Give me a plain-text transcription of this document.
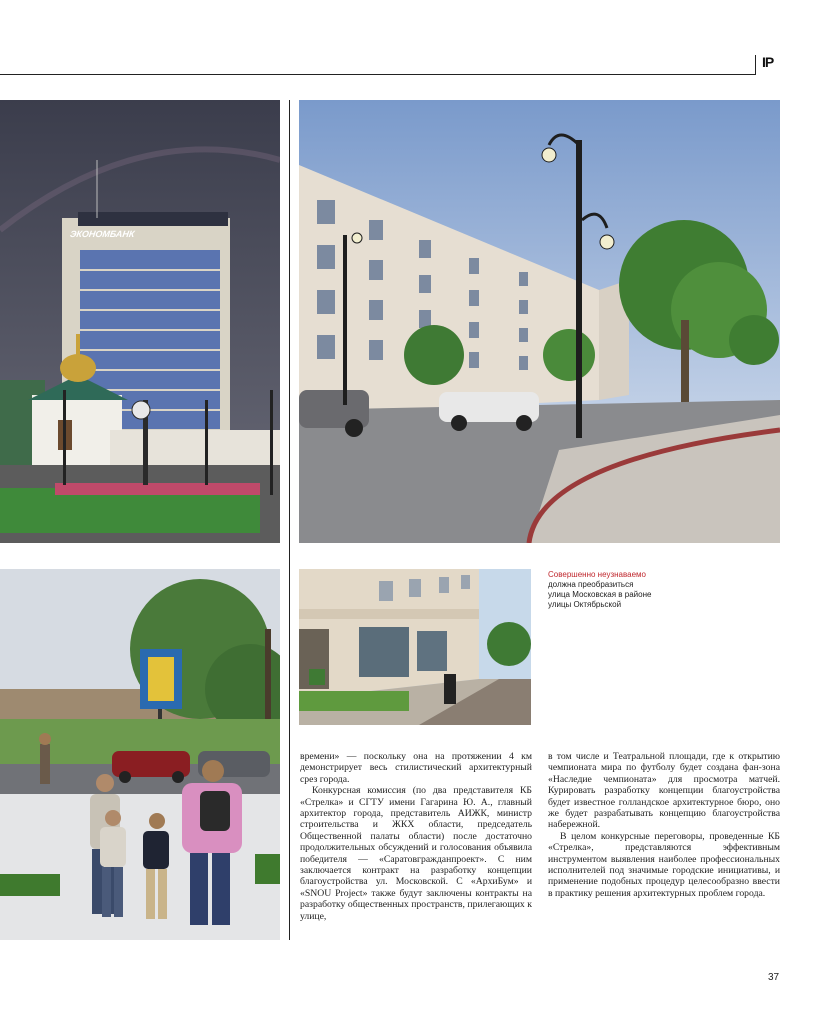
IP
ЭКОНОМБАНК
Совершенно неузнаваемо
должна преобразиться
улица Московская в районе
улицы Октябрьской

времени» — поскольку она на протяжении 4 км демонстрирует весь стилистический архитектурный срез города.

Конкурсная комиссия (по два представителя КБ «Стрелка» и СГТУ имени Гагарина Ю. А., главный архитектор города, представитель АИЖК, министр строительства и ЖКХ области, председатель Общественной палаты области) после достаточно продолжительных обсуждений и голосования объявила победителя — «Саратовгражданпроект». С ним заключается контракт на разработку концепции благоустройства ул. Московской. С «АрхиБум» и «SNOU Project» также будут заключены контракты на разработку общественных пространств, прилегающих к улице,

в том числе и Театральной площади, где к открытию чемпионата мира по футболу будет создана фан-зона «Наследие чемпионата» для просмотра матчей. Курировать разработку концепции благоустройства будет известное голландское архитектурное бюро, оно же будет разрабатывать концепцию благоустройства набережной.

В целом конкурсные переговоры, проведенные КБ «Стрелка», представляются эффективным инструментом выявления наиболее профессиональных исполнителей под значимые городские инициативы, и применение подобных процедур целесообразно ввести в практику решения архитектурных проблем города.

37
